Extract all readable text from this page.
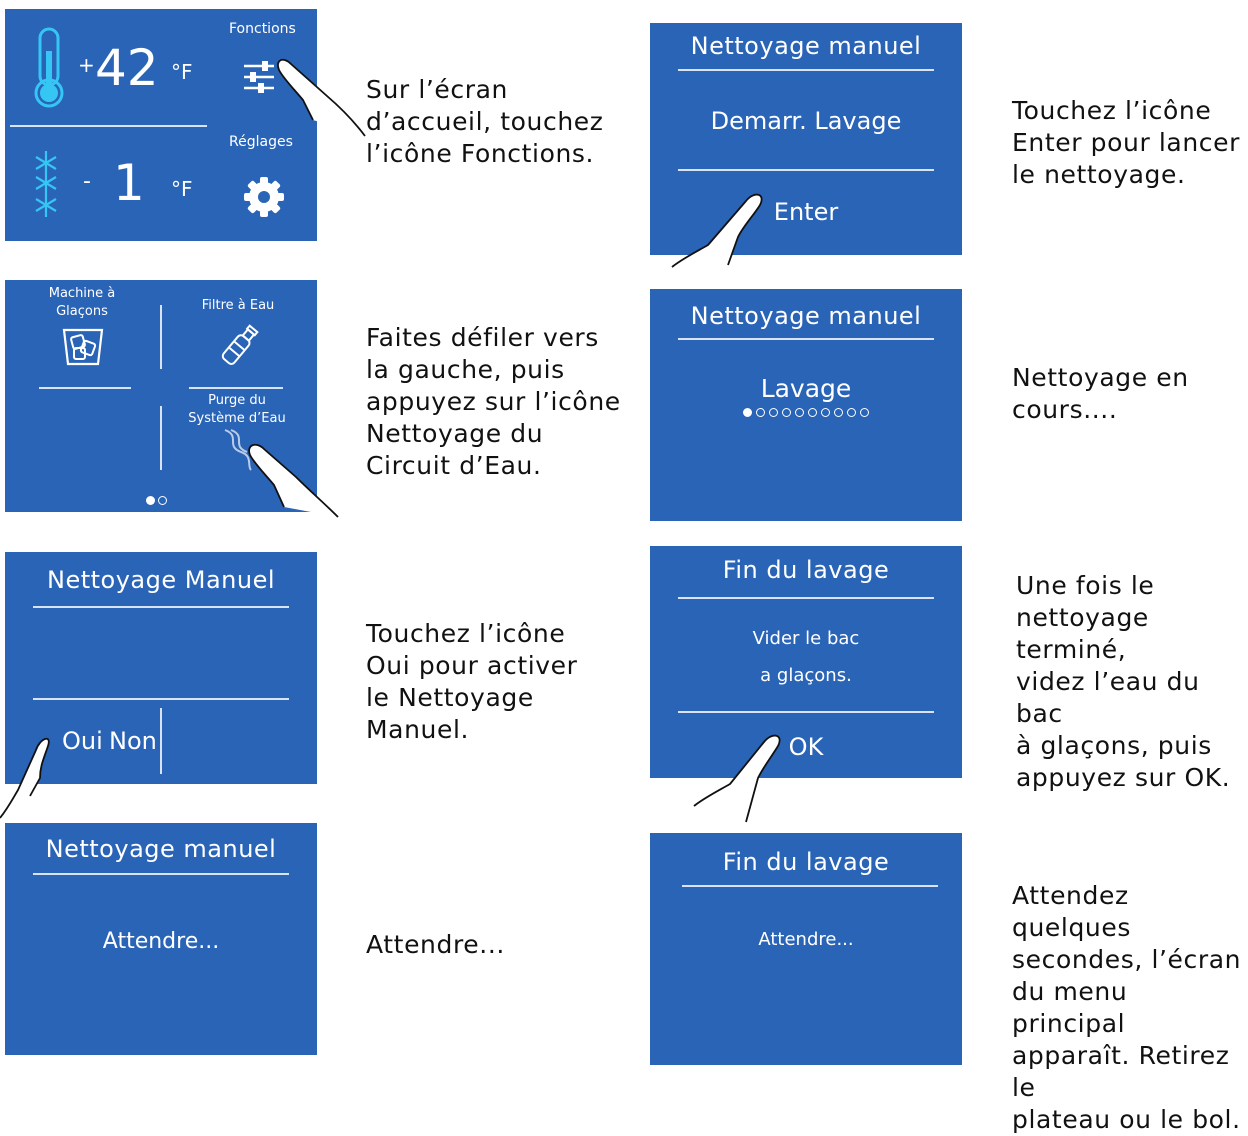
+ 42 °F
Fonctions
Réglages
- 1 °F
Sur l’écran
d’accueil, touchez
l’icône Fonctions.
Machine à
Glaçons	Filtre à Eau
Purge du
Système d’Eau
Faites défiler vers
la gauche, puis
appuyez sur l’icône
Nettoyage du
Circuit d’Eau.
Nettoyage Manuel
Oui Non
Touchez l’icône
Oui pour activer
le Nettoyage
Manuel.
Nettoyage manuel
Attendre...	Attendre...
Nettoyage manuel
Demarr. Lavage
Enter
Touchez l’icône
Enter pour lancer
le nettoyage.
Nettoyage manuel
Lavage	Nettoyage en
cours....
Fin du lavage
Vider le bac
a glaçons.
OK
Une fois le
nettoyage terminé,
videz l’eau du bac
à glaçons, puis
appuyez sur OK.
Fin du lavage
Attendre...
Attendez quelques
secondes, l’écran
du menu principal
apparaît. Retirez le
plateau ou le bol.
